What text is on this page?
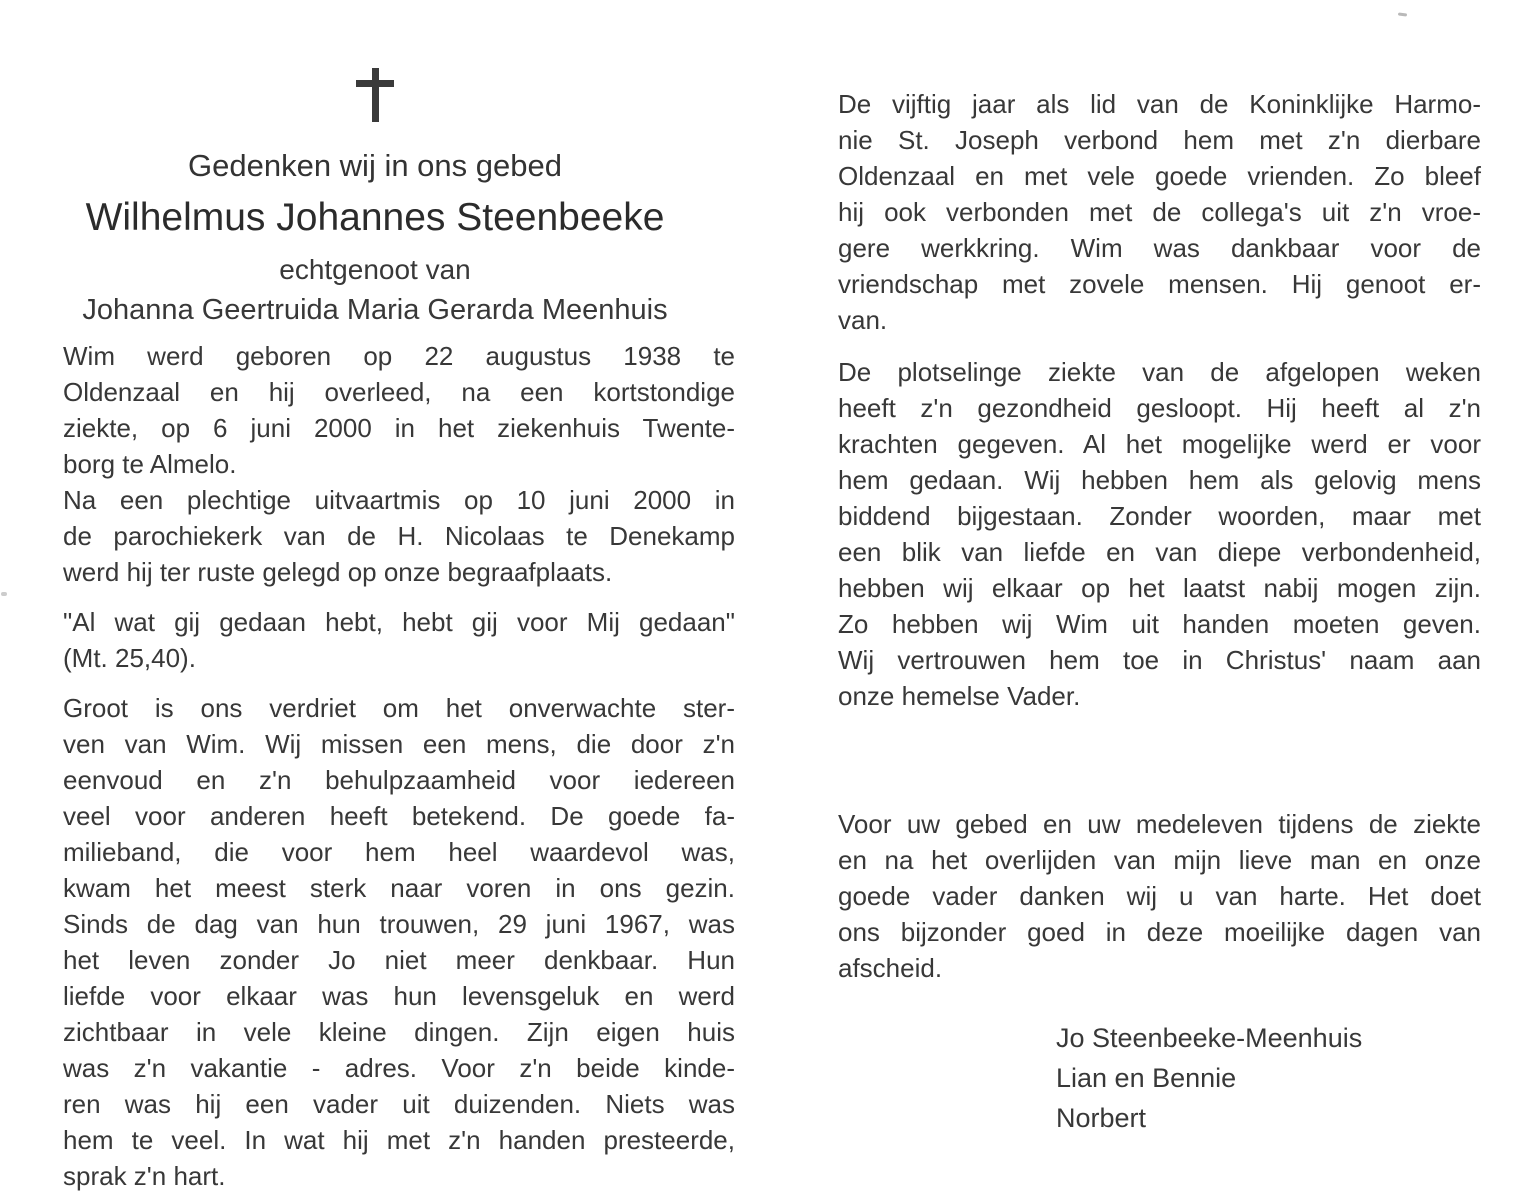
Gedenken wij in ons gebed
Wilhelmus Johannes Steenbeeke
echtgenoot van
Johanna Geertruida Maria Gerarda Meenhuis
Wim werd geboren op 22 augustus 1938 te
Oldenzaal en hij overleed, na een kortstondige
ziekte, op 6 juni 2000 in het ziekenhuis Twente-
borg te Almelo.
Na een plechtige uitvaartmis op 10 juni 2000 in
de parochiekerk van de H. Nicolaas te Denekamp
werd hij ter ruste gelegd op onze begraafplaats.
"Al wat gij gedaan hebt, hebt gij voor Mij gedaan"
(Mt. 25,40).
Groot is ons verdriet om het onverwachte ster-
ven van Wim. Wij missen een mens, die door z'n
eenvoud en z'n behulpzaamheid voor iedereen
veel voor anderen heeft betekend. De goede fa-
milieband, die voor hem heel waardevol was,
kwam het meest sterk naar voren in ons gezin.
Sinds de dag van hun trouwen, 29 juni 1967, was
het leven zonder Jo niet meer denkbaar. Hun
liefde voor elkaar was hun levensgeluk en werd
zichtbaar in vele kleine dingen. Zijn eigen huis
was z'n vakantie - adres. Voor z'n beide kinde-
ren was hij een vader uit duizenden. Niets was
hem te veel. In wat hij met z'n handen presteerde,
sprak z'n hart.
De vijftig jaar als lid van de Koninklijke Harmo-
nie St. Joseph verbond hem met z'n dierbare
Oldenzaal en met vele goede vrienden. Zo bleef
hij ook verbonden met de collega's uit z'n vroe-
gere werkkring. Wim was dankbaar voor de
vriendschap met zovele mensen. Hij genoot er-
van.
De plotselinge ziekte van de afgelopen weken
heeft z'n gezondheid gesloopt. Hij heeft al z'n
krachten gegeven. Al het mogelijke werd er voor
hem gedaan. Wij hebben hem als gelovig mens
biddend bijgestaan. Zonder woorden, maar met
een blik van liefde en van diepe verbondenheid,
hebben wij elkaar op het laatst nabij mogen zijn.
Zo hebben wij Wim uit handen moeten geven.
Wij vertrouwen hem toe in Christus' naam aan
onze hemelse Vader.
Voor uw gebed en uw medeleven tijdens de ziekte
en na het overlijden van mijn lieve man en onze
goede vader danken wij u van harte. Het doet
ons bijzonder goed in deze moeilijke dagen van
afscheid.
Jo Steenbeeke-Meenhuis
Lian en Bennie
Norbert
